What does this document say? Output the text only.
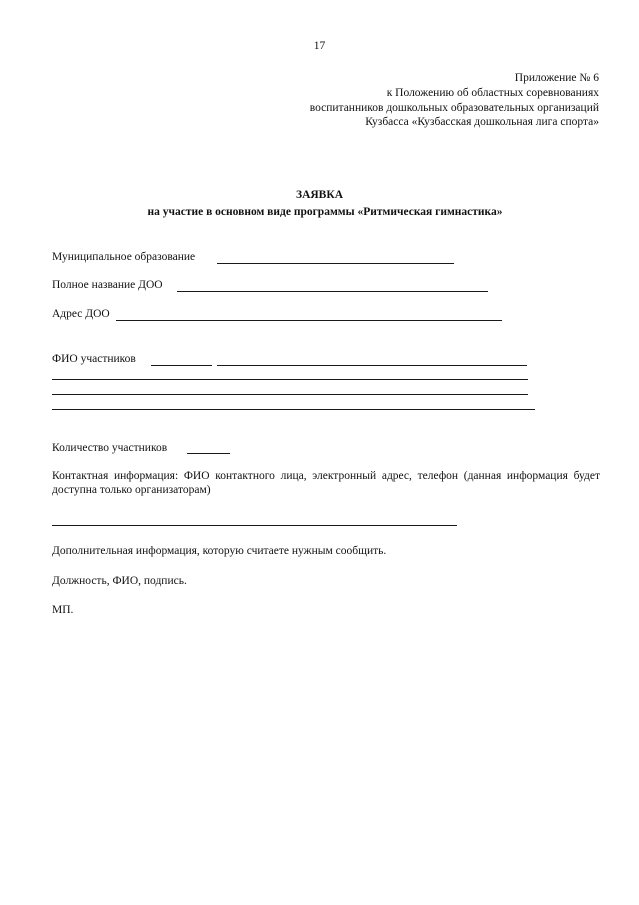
17
Приложение № 6
к Положению об областных соревнованиях
воспитанников дошкольных образовательных организаций
Кузбасса «Кузбасская дошкольная лига спорта»
ЗАЯВКА
на участие в основном виде программы «Ритмическая гимнастика»
Муниципальное образование
Полное название ДОО
Адрес ДОО
ФИО участников
Количество участников
Контактная информация: ФИО контактного лица, электронный адрес, телефон (данная информация будет доступна только организаторам)
Дополнительная информация, которую считаете нужным сообщить.
Должность, ФИО, подпись.
МП.
